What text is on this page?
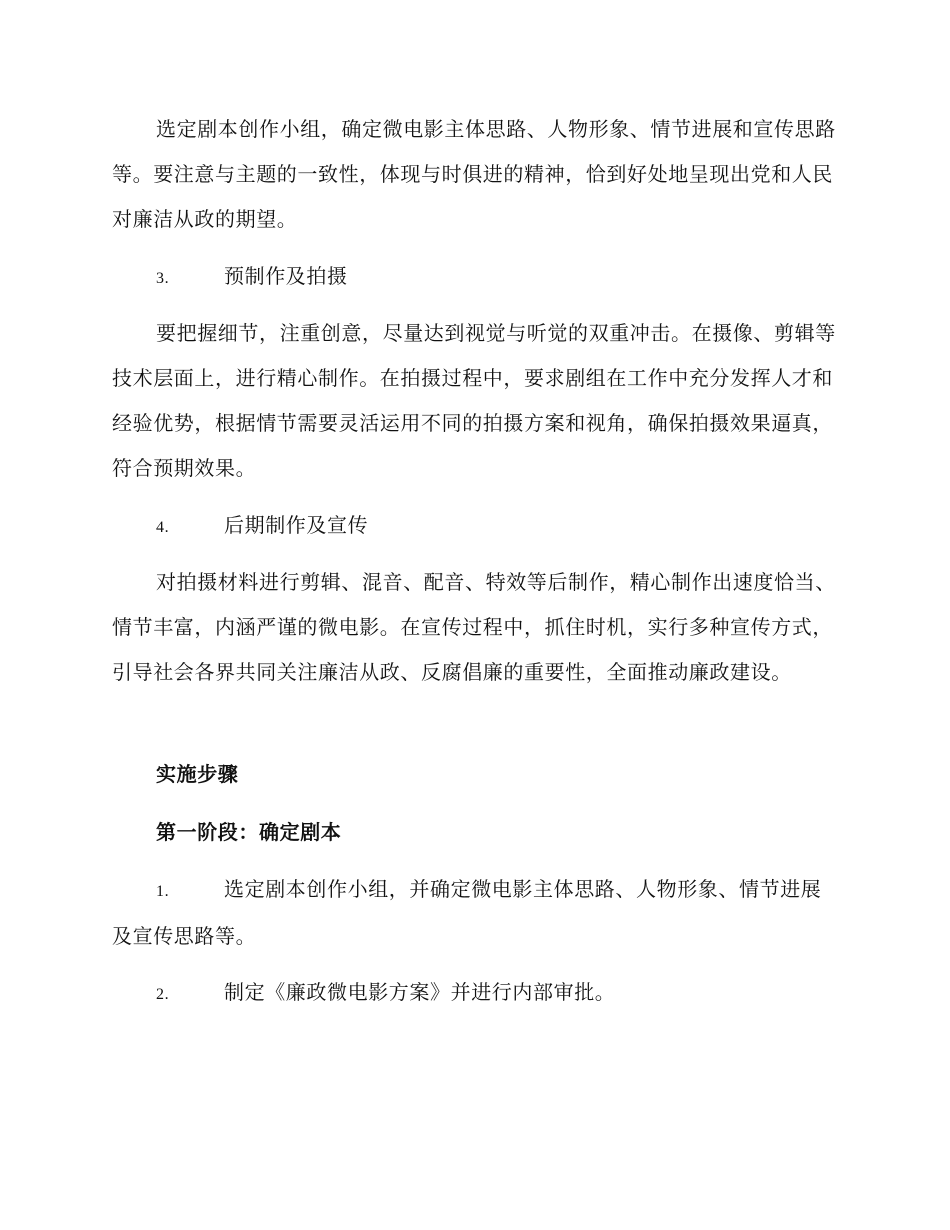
选定剧本创作小组，确定微电影主体思路、人物形象、情节进展和宣传思路等。要注意与主题的一致性，体现与时俱进的精神，恰到好处地呈现出党和人民对廉洁从政的期望。

3.	预制作及拍摄

要把握细节，注重创意，尽量达到视觉与听觉的双重冲击。在摄像、剪辑等技术层面上，进行精心制作。在拍摄过程中，要求剧组在工作中充分发挥人才和经验优势，根据情节需要灵活运用不同的拍摄方案和视角，确保拍摄效果逼真，符合预期效果。

4.	后期制作及宣传

对拍摄材料进行剪辑、混音、配音、特效等后制作，精心制作出速度恰当、情节丰富，内涵严谨的微电影。在宣传过程中，抓住时机，实行多种宣传方式，引导社会各界共同关注廉洁从政、反腐倡廉的重要性，全面推动廉政建设。

实施步骤

第一阶段：确定剧本

1.	选定剧本创作小组，并确定微电影主体思路、人物形象、情节进展及宣传思路等。

2.	制定《廉政微电影方案》并进行内部审批。
